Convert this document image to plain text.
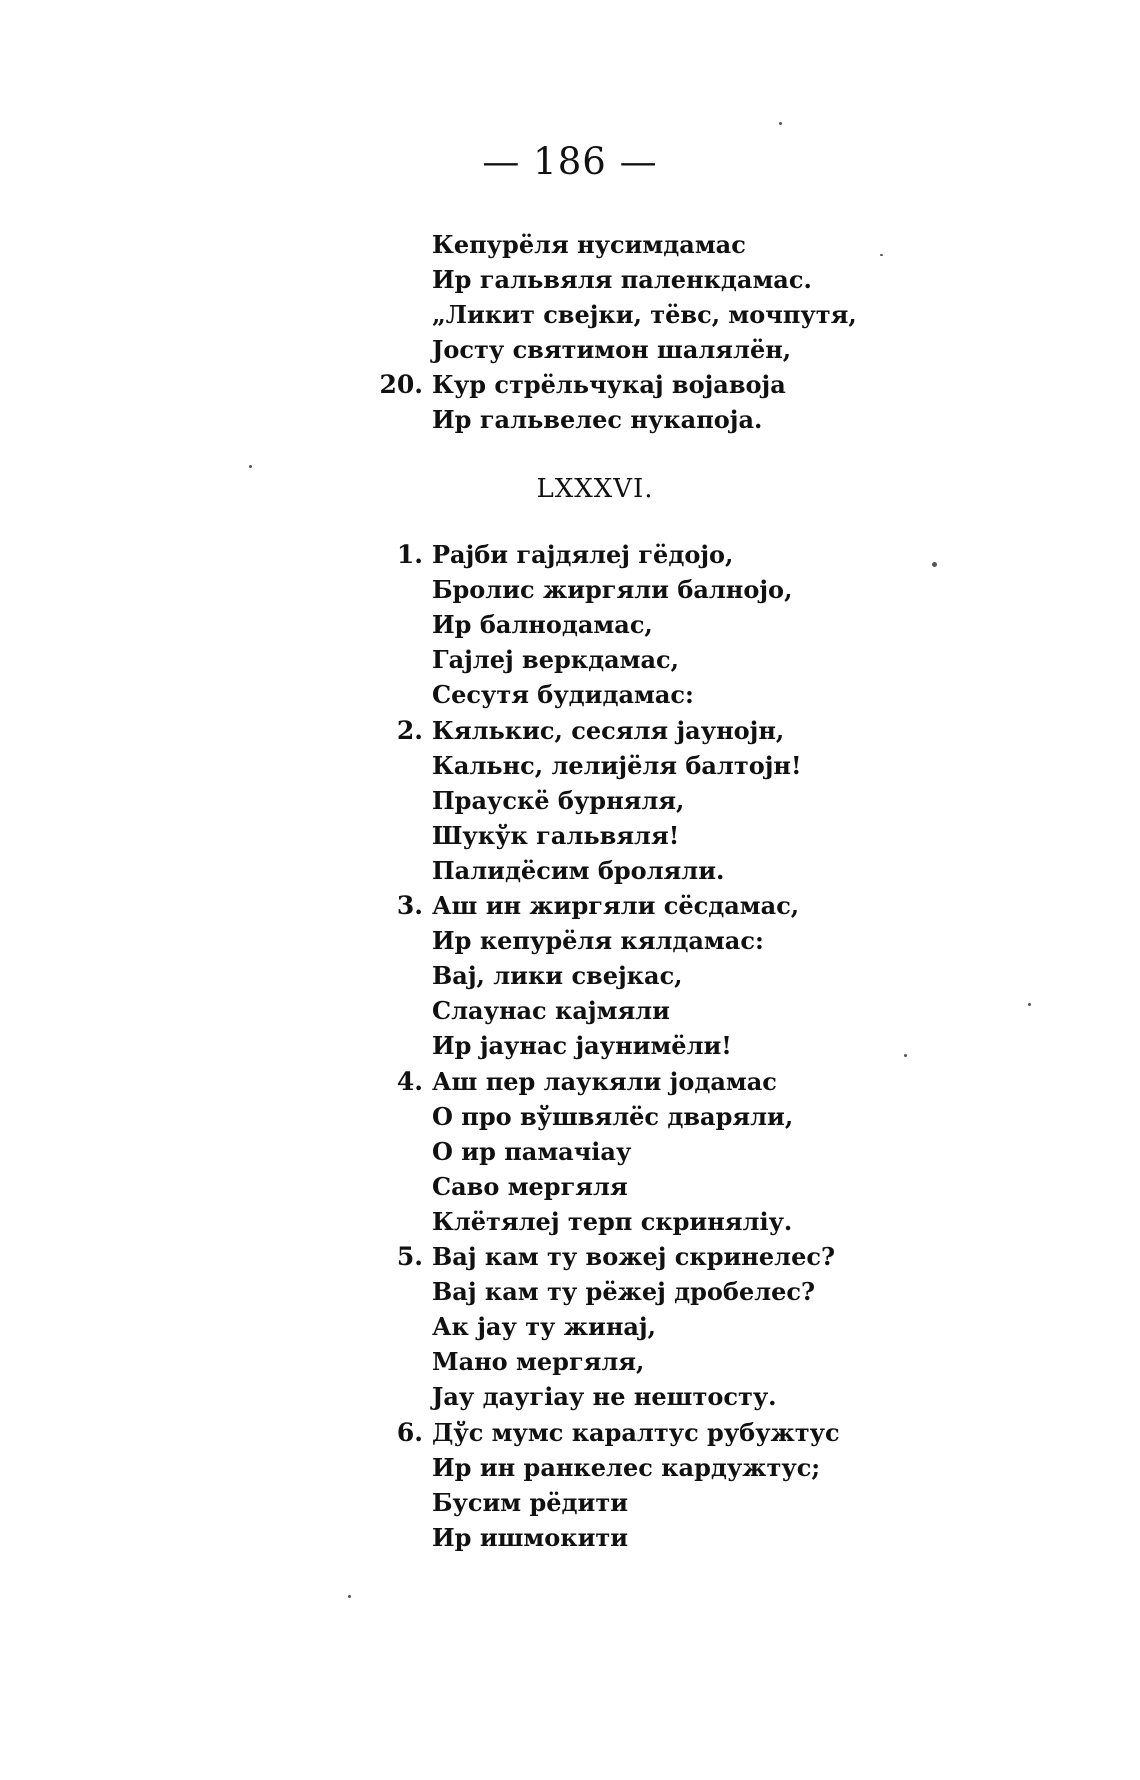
— 186 —
Кепурёля нусимдамас
Ир гальвяля паленкдамас.
„Ликит свејки, тёвс, мочпутя,
Јосту святимон шалялён,
20. Кур стрёльчукај војавоја
Ир гальвелес нукапоја.
LXXXVI.
1. Рајби гајдялеј гёдојо,
Бролис жиргяли балнојо,
Ир балнодамас,
Гајлеј веркдамас,
Сесутя будидамас:
2. Кялькис, сесяля јаунојн,
Кальнс, лелијёля балтојн!
Праускё бурняля,
Шукўк гальвяля!
Палидёсим броляли.
3. Аш ин жиргяли сёсдамас,
Ир кепурёля кялдамас:
Вај, лики свејкас,
Слаунас кајмяли
Ир јаунас јаунимёли!
4. Аш пер лаукяли јодамас
О про вўшвялёс дваряли,
О ир памачіау
Саво мергяля
Клётялеј терп скриняліу.
5. Вај кам ту вожеј скринелес?
Вај кам ту рёжеј дробелес?
Ак јау ту жинај,
Мано мергяля,
Јау даугіау не нештосту.
6. Дўс мумс каралтус рубужтус
Ир ин ранкелес кардужтус;
Бусим рёдити
Ир ишмокити
